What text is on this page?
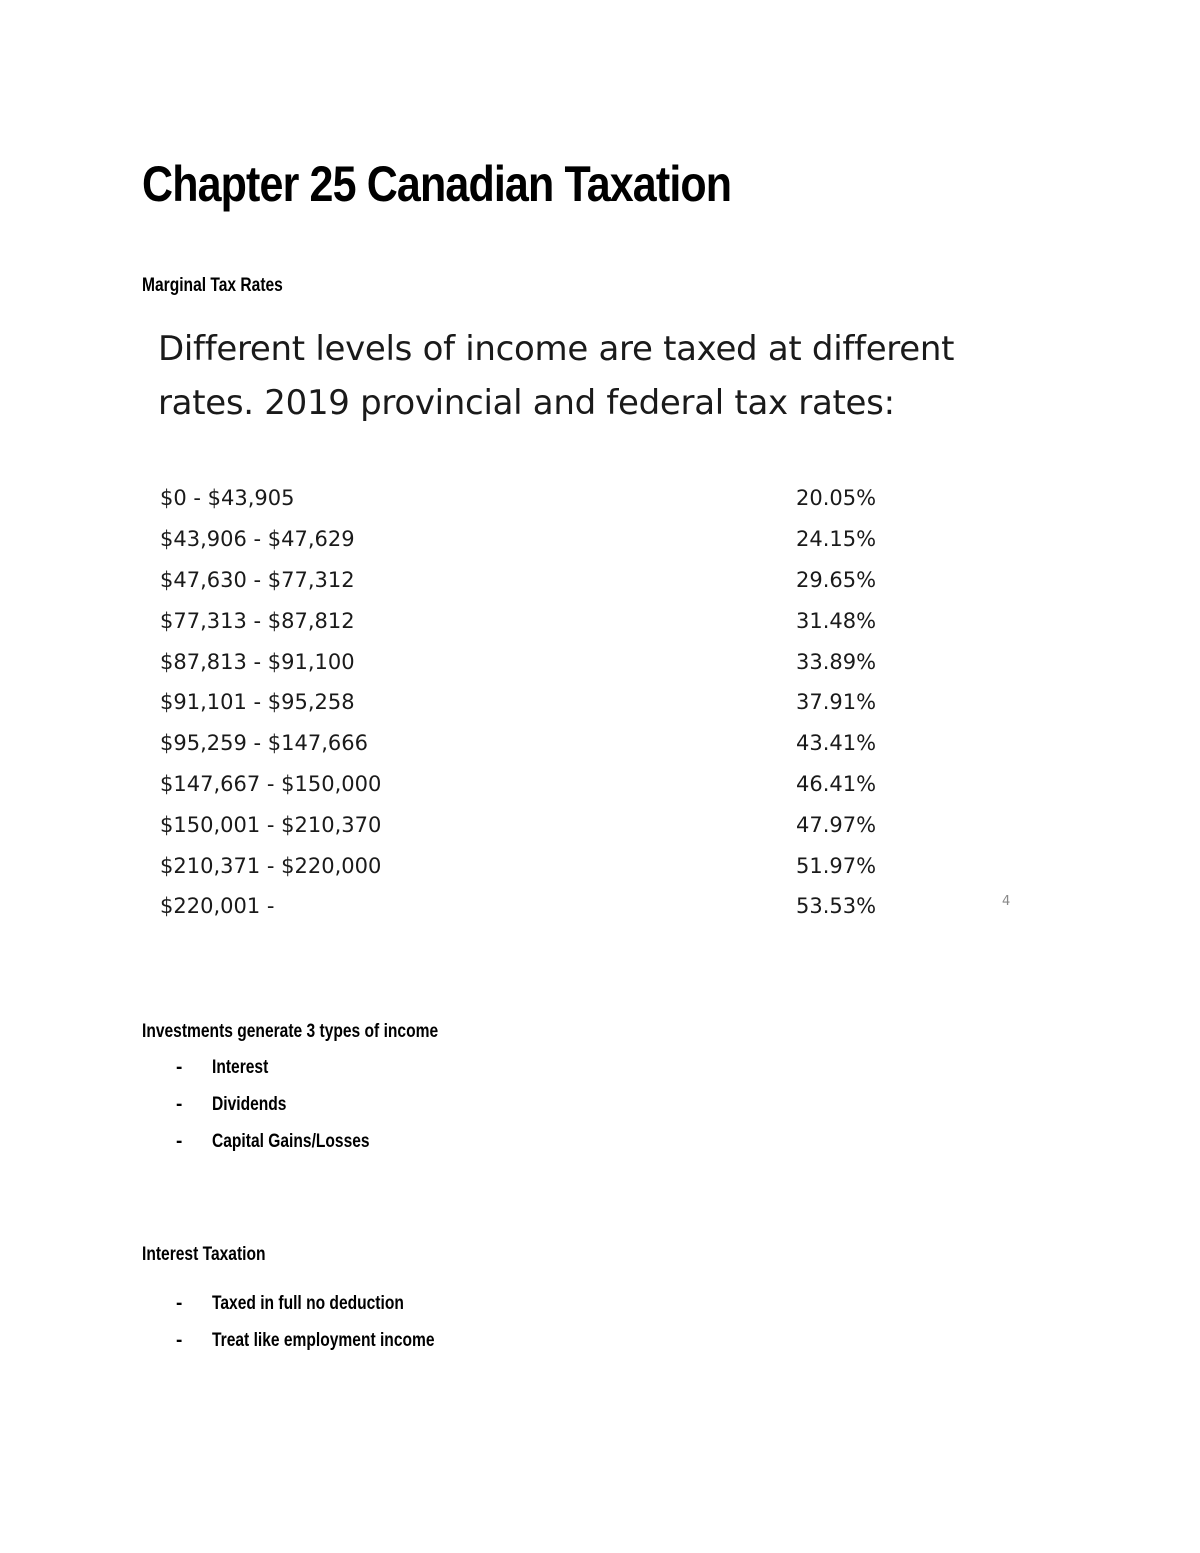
Chapter 25 Canadian Taxation
Marginal Tax Rates
Different levels of income are taxed at different rates. 2019 provincial and federal tax rates:
$0 - $43,905	20.05%
$43,906 - $47,629	24.15%
$47,630 - $77,312	29.65%
$77,313 - $87,812	31.48%
$87,813 - $91,100	33.89%
$91,101 - $95,258	37.91%
$95,259 - $147,666	43.41%
$147,667 - $150,000	46.41%
$150,001 - $210,370	47.97%
$210,371 - $220,000	51.97%
$220,001 -	53.53%	4
Investments generate 3 types of income
-	Interest
-	Dividends
-	Capital Gains/Losses
Interest Taxation
-	Taxed in full no deduction
-	Treat like employment income
